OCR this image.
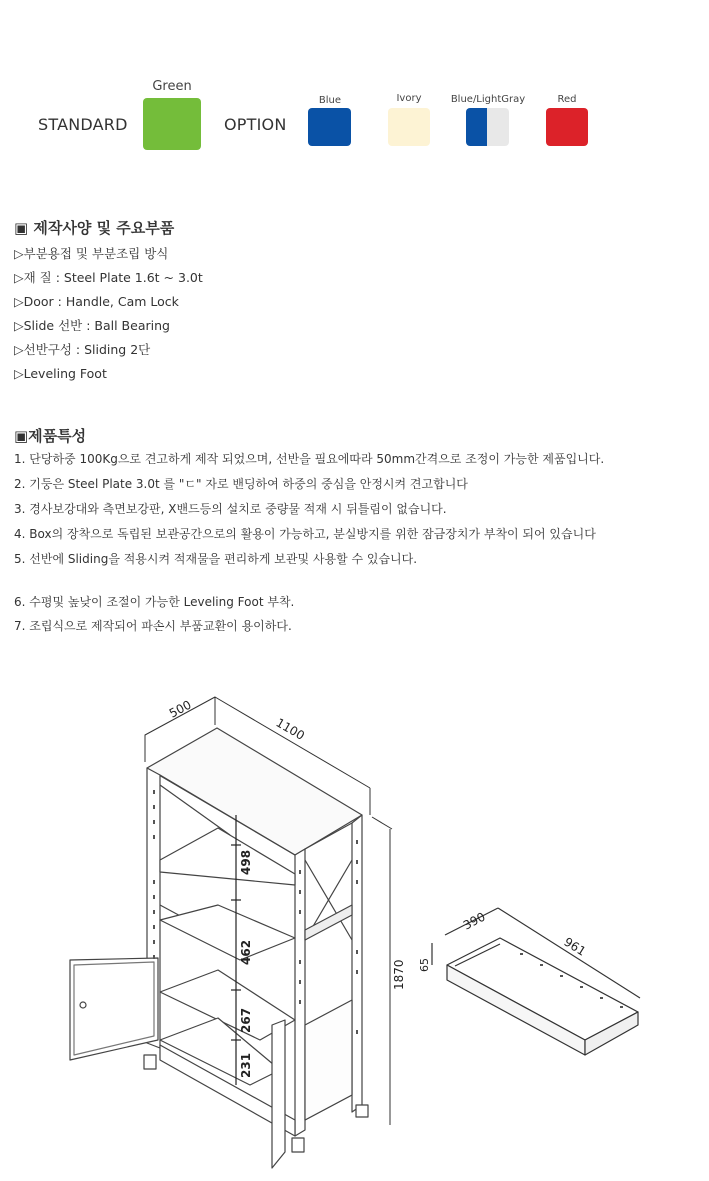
Green
STANDARD	OPTION
Blue	Ivory	Blue/LightGray	Red
▣ 제작사양 및 주요부품
▷부분용접 및 부분조립 방식
▷재 질 : Steel Plate 1.6t ~ 3.0t
▷Door : Handle, Cam Lock
▷Slide 선반 : Ball Bearing
▷선반구성 : Sliding 2단
▷Leveling Foot
▣제품특성
1. 단당하중 100Kg으로 견고하게 제작 되었으며, 선반을 필요에따라 50mm간격으로 조정이 가능한 제품입니다.
2. 기둥은 Steel Plate 3.0t 를 "ㄷ" 자로 밴딩하여 하중의 중심을 안정시켜 견고합니다
3. 경사보강대와 측면보강판, X밴드등의 설치로 중량물 적재 시 뒤틀림이 없습니다.
4. Box의 장착으로 독립된 보관공간으로의 활용이 가능하고, 분실방지를 위한 잠금장치가 부착이 되어 있습니다
5. 선반에 Sliding을 적용시켜 적재물을 편리하게 보관및 사용할 수 있습니다.
6. 수평및 높낮이 조절이 가능한 Leveling Foot 부착.
7. 조립식으로 제작되어 파손시 부품교환이 용이하다.
500
1100
1870
498
462
267
231
390
961
65
